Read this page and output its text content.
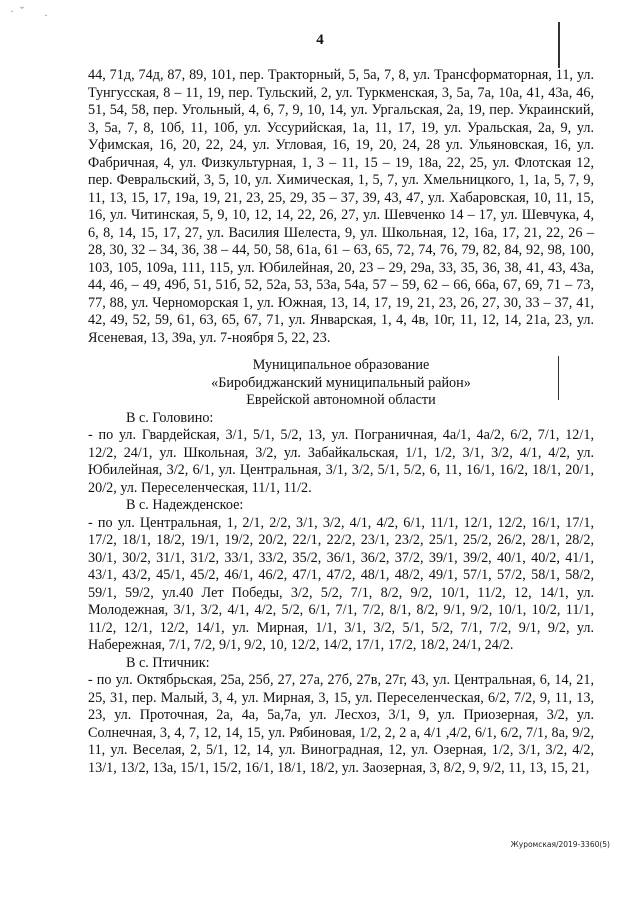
·  ˇ ·
4

44, 71д, 74д, 87, 89, 101, пер. Тракторный, 5, 5а, 7, 8, ул. Трансформаторная, 11, ул. Тунгусская, 8 – 11, 19, пер. Тульский, 2, ул. Туркменская, 3, 5а, 7а, 10а, 41, 43а, 46, 51, 54, 58, пер. Угольный, 4, 6, 7, 9, 10, 14, ул. Ургальская, 2а, 19, пер. Украинский, 3, 5а, 7, 8, 10б, 11, 10б, ул. Уссурийская, 1а, 11, 17, 19, ул. Уральская, 2а, 9, ул. Уфимская, 16, 20, 22, 24, ул. Угловая, 16, 19, 20, 24, 28 ул. Ульяновская, 16, ул. Фабричная, 4, ул. Физкультурная, 1, 3 – 11, 15 – 19, 18а, 22, 25, ул. Флотская 12, пер. Февральский, 3, 5, 10, ул. Химическая, 1, 5, 7, ул. Хмельницкого, 1, 1а, 5, 7, 9, 11, 13, 15, 17, 19а, 19, 21, 23, 25, 29, 35 – 37, 39, 43, 47, ул. Хабаровская, 10, 11, 15, 16, ул. Читинская, 5, 9, 10, 12, 14, 22, 26, 27, ул. Шевченко 14 – 17, ул. Шевчука, 4, 6, 8, 14, 15, 17, 27, ул. Василия Шелеста, 9, ул. Школьная, 12, 16а, 17, 21, 22, 26 – 28, 30, 32 – 34, 36, 38 – 44, 50, 58, 61а, 61 – 63, 65, 72, 74, 76, 79, 82, 84, 92, 98, 100, 103, 105, 109а, 111, 115, ул. Юбилейная, 20, 23 – 29, 29а, 33, 35, 36, 38, 41, 43, 43а, 44, 46, – 49, 49б, 51, 51б, 52, 52а, 53, 53а, 54а, 57 – 59, 62 – 66, 66а, 67, 69, 71 – 73, 77, 88, ул. Черноморская 1, ул. Южная, 13, 14, 17, 19, 21, 23, 26, 27, 30, 33 – 37, 41, 42, 49, 52, 59, 61, 63, 65, 67, 71, ул. Январская, 1, 4, 4в, 10г, 11, 12, 14, 21а, 23, ул. Ясеневая, 13, 39а, ул. 7-ноября 5, 22, 23.

Муниципальное образование
«Биробиджанский муниципальный район»
Еврейской автономной области

В с. Головино:

- по ул. Гвардейская, 3/1, 5/1, 5/2, 13, ул. Пограничная, 4а/1, 4а/2, 6/2, 7/1, 12/1, 12/2, 24/1, ул. Школьная, 3/2, ул. Забайкальская, 1/1, 1/2, 3/1, 3/2, 4/1, 4/2, ул. Юбилейная, 3/2, 6/1, ул. Центральная, 3/1, 3/2, 5/1, 5/2, 6, 11, 16/1, 16/2, 18/1, 20/1, 20/2, ул. Переселенческая, 11/1, 11/2.

В с. Надежденское:

- по ул. Центральная, 1, 2/1, 2/2, 3/1, 3/2, 4/1, 4/2, 6/1, 11/1, 12/1, 12/2, 16/1, 17/1, 17/2, 18/1, 18/2, 19/1, 19/2, 20/2, 22/1, 22/2, 23/1, 23/2, 25/1, 25/2, 26/2, 28/1, 28/2, 30/1, 30/2, 31/1, 31/2, 33/1, 33/2, 35/2, 36/1, 36/2, 37/2, 39/1, 39/2, 40/1, 40/2, 41/1, 43/1, 43/2, 45/1, 45/2, 46/1, 46/2, 47/1, 47/2, 48/1, 48/2, 49/1, 57/1, 57/2, 58/1, 58/2, 59/1, 59/2, ул.40 Лет Победы, 3/2, 5/2, 7/1, 8/2, 9/2, 10/1, 11/2, 12, 14/1, ул. Молодежная, 3/1, 3/2, 4/1, 4/2, 5/2, 6/1, 7/1, 7/2, 8/1, 8/2, 9/1, 9/2, 10/1, 10/2, 11/1, 11/2, 12/1, 12/2, 14/1, ул. Мирная, 1/1, 3/1, 3/2, 5/1, 5/2, 7/1, 7/2, 9/1, 9/2, ул. Набережная, 7/1, 7/2, 9/1, 9/2, 10, 12/2, 14/2, 17/1, 17/2, 18/2, 24/1, 24/2.

В с. Птичник:

- по ул. Октябрьская, 25а, 25б, 27, 27а, 27б, 27в, 27г, 43, ул. Центральная, 6, 14, 21, 25, 31, пер. Малый, 3, 4, ул. Мирная, 3, 15, ул. Переселенческая, 6/2, 7/2, 9, 11, 13, 23, ул. Проточная, 2а, 4а, 5а,7а, ул. Лесхоз, 3/1, 9, ул. Приозерная, 3/2, ул. Солнечная, 3, 4, 7, 12, 14, 15, ул. Рябиновая, 1/2, 2, 2 а, 4/1 ,4/2, 6/1, 6/2, 7/1, 8а, 9/2, 11, ул. Веселая, 2, 5/1, 12, 14, ул. Виноградная, 12, ул. Озерная, 1/2, 3/1, 3/2, 4/2, 13/1, 13/2, 13а, 15/1, 15/2, 16/1, 18/1, 18/2, ул. Заозерная, 3, 8/2, 9, 9/2, 11, 13, 15, 21,

Журомская/2019-3360(5)
